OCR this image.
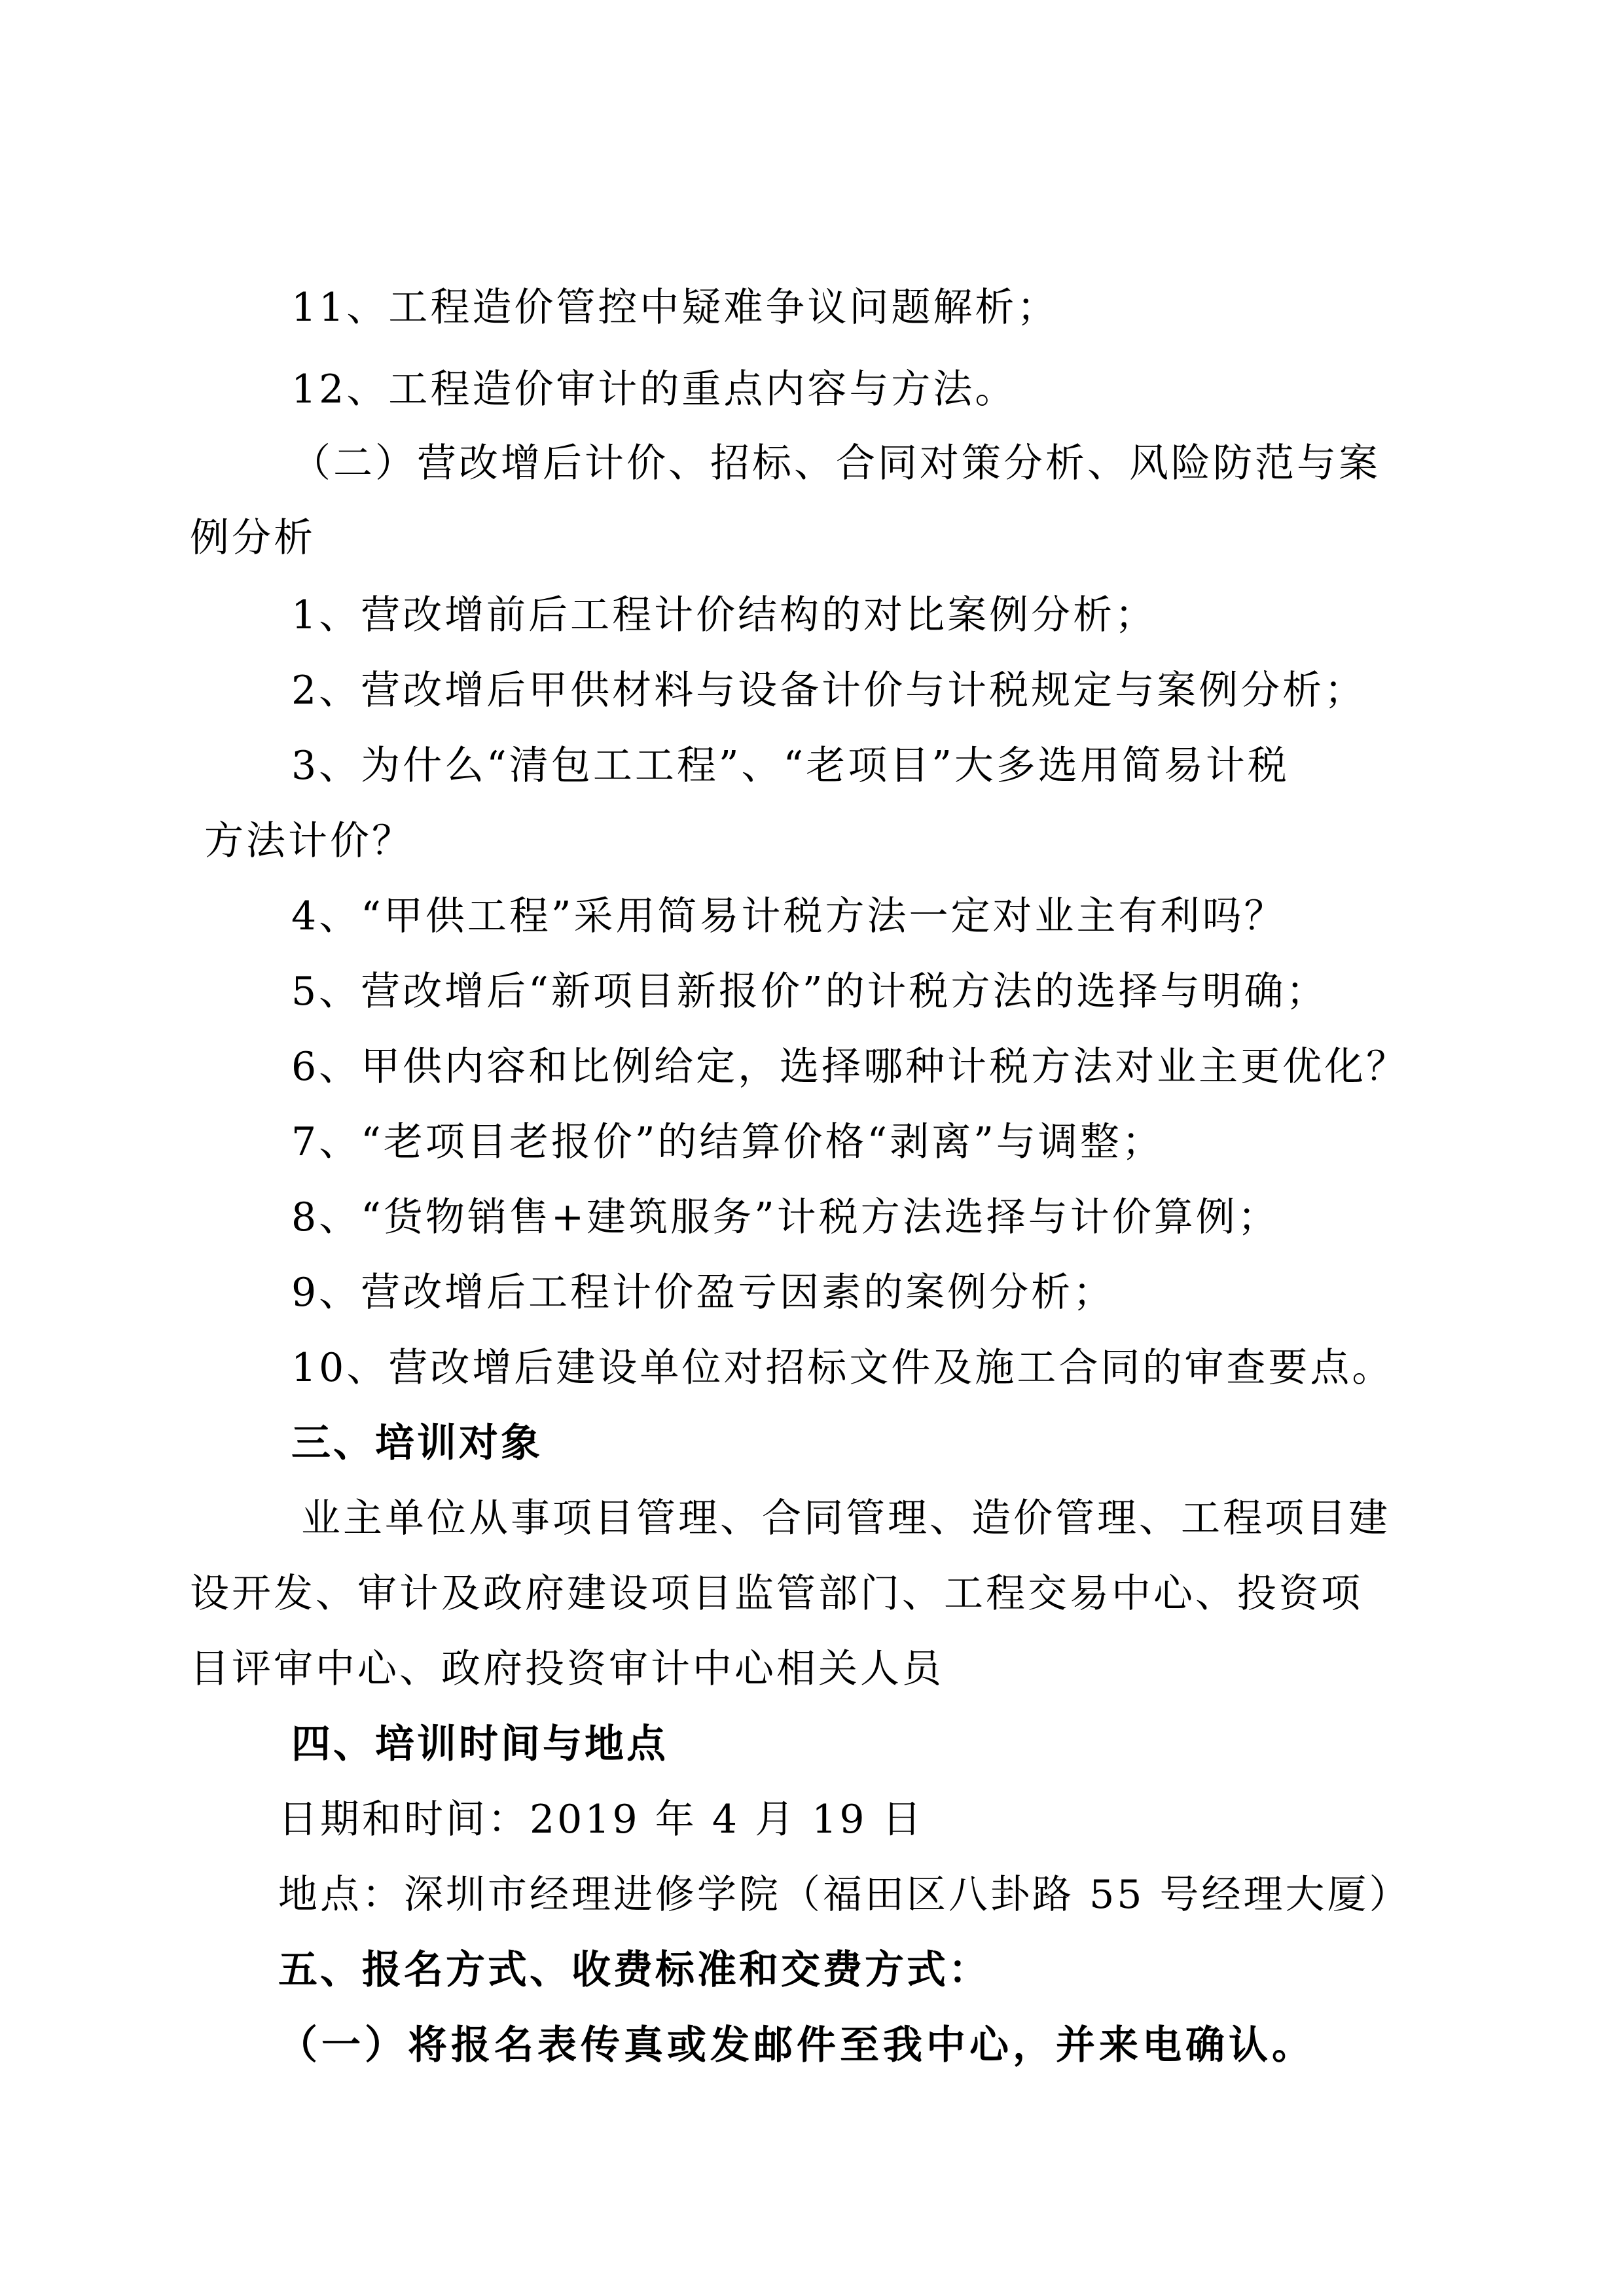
11、工程造价管控中疑难争议问题解析；
12、工程造价审计的重点内容与方法。
（二）营改增后计价、招标、合同对策分析、风险防范与案
例分析
1、营改增前后工程计价结构的对比案例分析；
2、营改增后甲供材料与设备计价与计税规定与案例分析；
3、为什么“清包工工程”、“老项目”大多选用简易计税
方法计价？
4、“甲供工程”采用简易计税方法一定对业主有利吗？
5、营改增后“新项目新报价”的计税方法的选择与明确；
6、甲供内容和比例给定，选择哪种计税方法对业主更优化？
7、“老项目老报价”的结算价格“剥离”与调整；
8、“货物销售+建筑服务”计税方法选择与计价算例；
9、营改增后工程计价盈亏因素的案例分析；
10、营改增后建设单位对招标文件及施工合同的审查要点。
三、培训对象
业主单位从事项目管理、合同管理、造价管理、工程项目建
设开发、审计及政府建设项目监管部门、工程交易中心、投资项
目评审中心、政府投资审计中心相关人员
四、培训时间与地点
日期和时间：2019 年 4 月 19 日
地点：深圳市经理进修学院（福田区八卦路 55 号经理大厦）
五、报名方式、收费标准和交费方式：
（一）将报名表传真或发邮件至我中心，并来电确认。
